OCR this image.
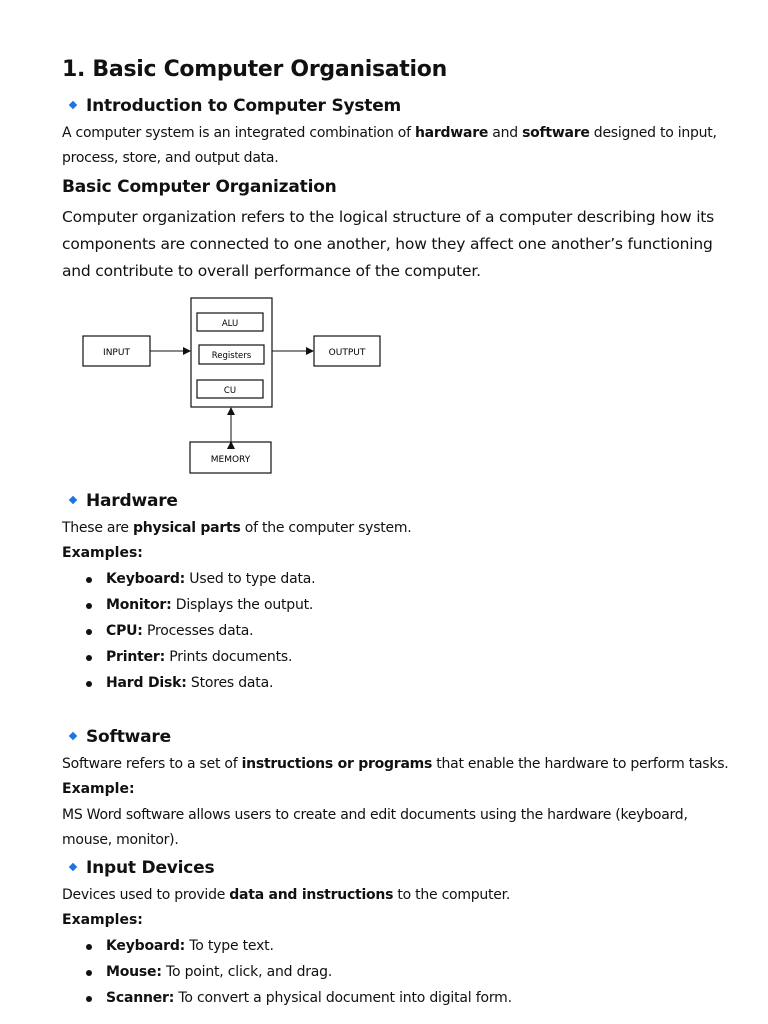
1. Basic Computer Organisation
Introduction to Computer System

A computer system is an integrated combination of hardware and software designed to input, process, store, and output data.

Basic Computer Organization

Computer organization refers to the logical structure of a computer describing how its components are connected to one another, how they affect one another’s functioning and contribute to overall performance of the computer.

INPUT
ALU
Registers
CU
OUTPUT
MEMORY
Hardware

These are physical parts of the computer system.

Examples:
Keyboard: Used to type data.
Monitor: Displays the output.
CPU: Processes data.
Printer: Prints documents.
Hard Disk: Stores data.
Software

Software refers to a set of instructions or programs that enable the hardware to perform tasks.

Example:

MS Word software allows users to create and edit documents using the hardware (keyboard, mouse, monitor).

Input Devices

Devices used to provide data and instructions to the computer.

Examples:
Keyboard: To type text.
Mouse: To point, click, and drag.
Scanner: To convert a physical document into digital form.
